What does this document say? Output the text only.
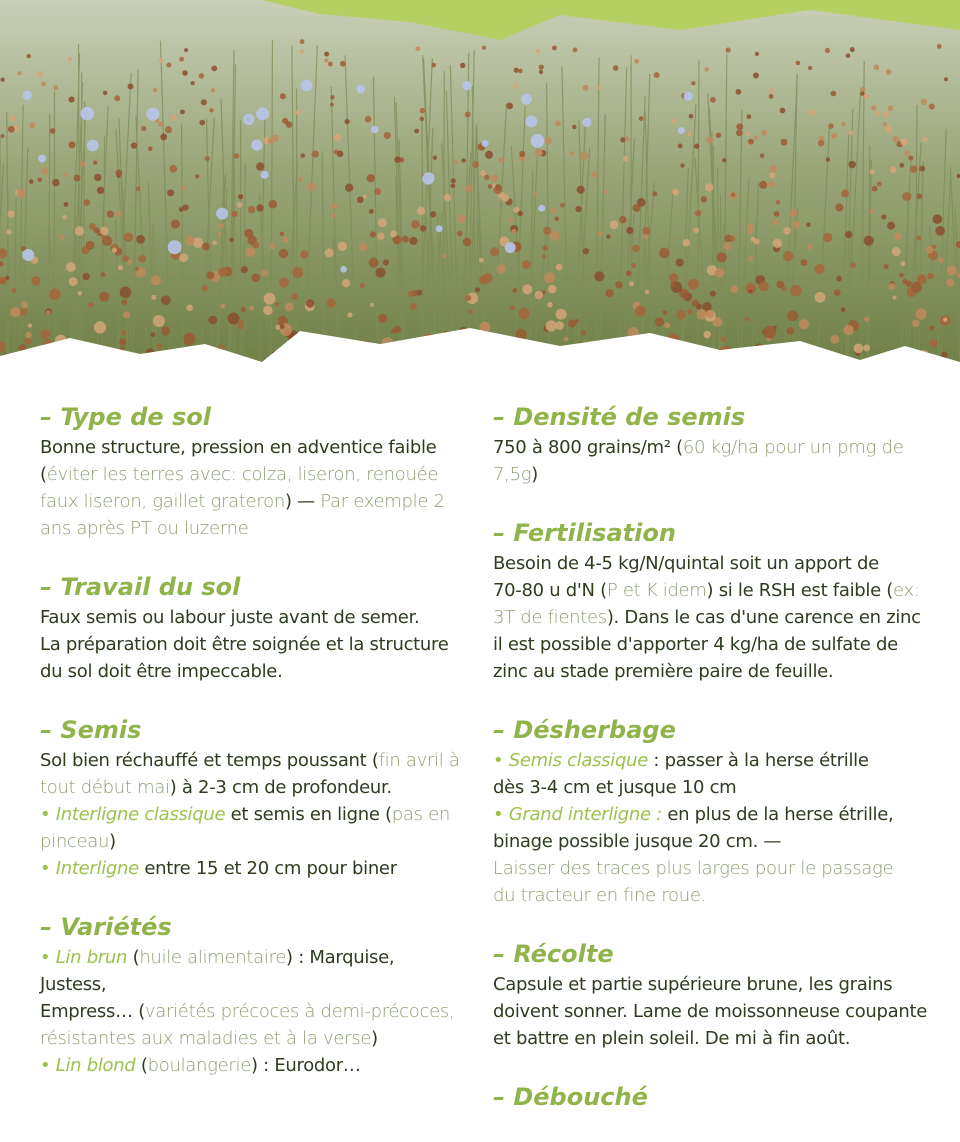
– Type de sol
Bonne structure, pression en adventice faible
(éviter les terres avec: colza, liseron, renouée
faux liseron, gaillet grateron) — Par exemple 2
ans après PT ou luzerne
– Travail du sol
Faux semis ou labour juste avant de semer.
La préparation doit être soignée et la structure
du sol doit être impeccable.
– Semis
Sol bien réchauffé et temps poussant (fin avril à
tout début mai) à 2-3 cm de profondeur.
• Interligne classique et semis en ligne (pas en
pinceau)
• Interligne entre 15 et 20 cm pour biner
– Variétés
• Lin brun (huile alimentaire) : Marquise, Justess,
Empress… (variétés précoces à demi-précoces,
résistantes aux maladies et à la verse)
• Lin blond (boulangerie) : Eurodor…
– Densité de semis
750 à 800 grains/m² (60 kg/ha pour un pmg de 7,5g)
– Fertilisation
Besoin de 4-5 kg/N/quintal soit un apport de
70-80 u d'N (P et K idem) si le RSH est faible (ex:
3T de fientes). Dans le cas d'une carence en zinc
il est possible d'apporter 4 kg/ha de sulfate de
zinc au stade première paire de feuille.
– Désherbage
• Semis classique : passer à la herse étrille
dès 3-4 cm et jusque 10 cm
• Grand interligne : en plus de la herse étrille,
binage possible jusque 20 cm. —
Laisser des traces plus larges pour le passage
du tracteur en fine roue.
– Récolte
Capsule et partie supérieure brune, les grains
doivent sonner. Lame de moissonneuse coupante
et battre en plein soleil. De mi à fin août.
– Débouché
